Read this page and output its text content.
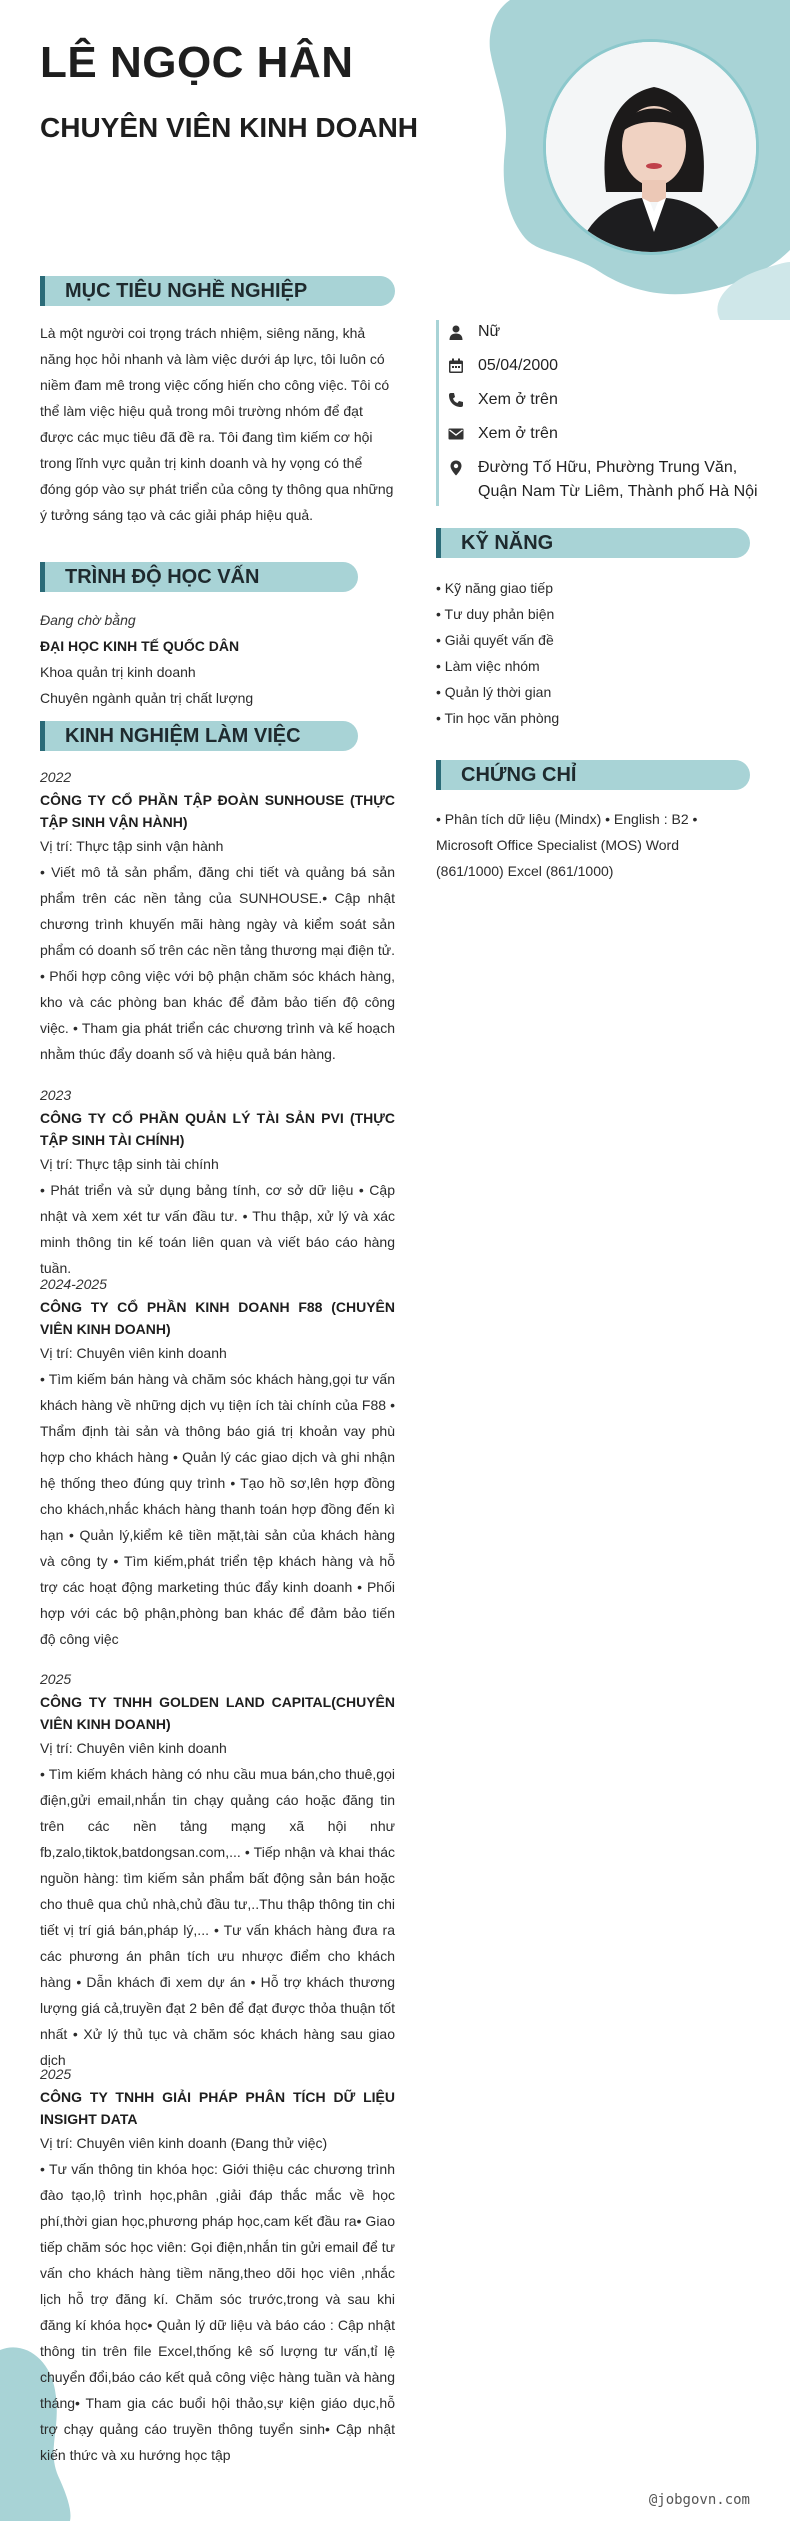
LÊ NGỌC HÂN
CHUYÊN VIÊN KINH DOANH
MỤC TIÊU NGHỀ NGHIỆP
Là một người coi trọng trách nhiệm, siêng năng, khả năng học hỏi nhanh và làm việc dưới áp lực, tôi luôn có niềm đam mê trong việc cống hiến cho công việc. Tôi có thể làm việc hiệu quả trong môi trường nhóm để đạt được các mục tiêu đã đề ra. Tôi đang tìm kiếm cơ hội trong lĩnh vực quản trị kinh doanh và hy vọng có thể đóng góp vào sự phát triển của công ty thông qua những ý tưởng sáng tạo và các giải pháp hiệu quả.
TRÌNH ĐỘ HỌC VẤN
Đang chờ bằng
ĐẠI HỌC KINH TẾ QUỐC DÂN
Khoa quản trị kinh doanh
Chuyên ngành quản trị chất lượng
KINH NGHIỆM LÀM VIỆC
2022
CÔNG TY CỔ PHẦN TẬP ĐOÀN SUNHOUSE (THỰC TẬP SINH VẬN HÀNH)
Vị trí: Thực tập sinh vận hành
• Viết mô tả sản phẩm, đăng chi tiết và quảng bá sản phẩm trên các nền tảng của SUNHOUSE.• Cập nhật chương trình khuyến mãi hàng ngày và kiểm soát sản phẩm có doanh số trên các nền tảng thương mại điện tử. • Phối hợp công việc với bộ phận chăm sóc khách hàng, kho và các phòng ban khác để đảm bảo tiến độ công việc. • Tham gia phát triển các chương trình và kế hoạch nhằm thúc đẩy doanh số và hiệu quả bán hàng.
2023
CÔNG TY CỔ PHẦN QUẢN LÝ TÀI SẢN PVI (THỰC TẬP SINH TÀI CHÍNH)
Vị trí: Thực tập sinh tài chính
• Phát triển và sử dụng bảng tính, cơ sở dữ liệu • Cập nhật và xem xét tư vấn đầu tư. • Thu thập, xử lý và xác minh thông tin kế toán liên quan và viết báo cáo hàng tuần.
2024-2025
CÔNG TY CỔ PHẦN KINH DOANH F88 (CHUYÊN VIÊN KINH DOANH)
Vị trí: Chuyên viên kinh doanh
• Tìm kiếm bán hàng và chăm sóc khách hàng,gọi tư vấn khách hàng về những dịch vụ tiện ích tài chính của F88 • Thẩm định tài sản và thông báo giá trị khoản vay phù hợp cho khách hàng • Quản lý các giao dịch và ghi nhận hệ thống theo đúng quy trình • Tạo hồ sơ,lên hợp đồng cho khách,nhắc khách hàng thanh toán hợp đồng đến kì hạn • Quản lý,kiểm kê tiền mặt,tài sản của khách hàng và công ty • Tìm kiếm,phát triển tệp khách hàng và hỗ trợ các hoạt động marketing thúc đẩy kinh doanh • Phối hợp với các bộ phận,phòng ban khác để đảm bảo tiến độ công việc
2025
CÔNG TY TNHH GOLDEN LAND CAPITAL(CHUYÊN VIÊN KINH DOANH)
Vị trí: Chuyên viên kinh doanh
• Tìm kiếm khách hàng có nhu cầu mua bán,cho thuê,gọi điện,gửi email,nhắn tin chạy quảng cáo hoặc đăng tin trên các nền tảng mạng xã hội như fb,zalo,tiktok,batdongsan.com,... • Tiếp nhận và khai thác nguồn hàng: tìm kiếm sản phẩm bất động sản bán hoặc cho thuê qua chủ nhà,chủ đầu tư,..Thu thập thông tin chi tiết vị trí giá bán,pháp lý,... • Tư vấn khách hàng đưa ra các phương án phân tích ưu nhược điểm cho khách hàng • Dẫn khách đi xem dự án • Hỗ trợ khách thương lượng giá cả,truyền đạt 2 bên để đạt được thỏa thuận tốt nhất • Xử lý thủ tục và chăm sóc khách hàng sau giao dịch
2025
CÔNG TY TNHH GIẢI PHÁP PHÂN TÍCH DỮ LIỆU INSIGHT DATA
Vị trí: Chuyên viên kinh doanh (Đang thử việc)
• Tư vấn thông tin khóa học: Giới thiệu các chương trình đào tạo,lộ trình học,phân ,giải đáp thắc mắc về học phí,thời gian học,phương pháp học,cam kết đầu ra• Giao tiếp chăm sóc học viên: Gọi điện,nhắn tin gửi email để tư vấn cho khách hàng tiềm năng,theo dõi học viên ,nhắc lịch hỗ trợ đăng kí. Chăm sóc trước,trong và sau khi đăng kí khóa học• Quản lý dữ liệu và báo cáo : Cập nhật thông tin trên file Excel,thống kê số lượng tư vấn,tỉ lệ chuyển đổi,báo cáo kết quả công việc hàng tuần và hàng tháng• Tham gia các buổi hội thảo,sự kiện giáo dục,hỗ trợ chạy quảng cáo truyền thông tuyển sinh• Cập nhật kiến thức và xu hướng học tập
Nữ
05/04/2000
Xem ở trên
Xem ở trên
Đường Tố Hữu, Phường Trung Văn, Quận Nam Từ Liêm, Thành phố Hà Nội
KỸ NĂNG
• Kỹ năng giao tiếp
• Tư duy phản biện
• Giải quyết vấn đề
• Làm việc nhóm
• Quản lý thời gian
• Tin học văn phòng
CHỨNG CHỈ
• Phân tích dữ liệu (Mindx) • English : B2 • Microsoft Office Specialist (MOS) Word (861/1000) Excel (861/1000)
@jobgovn.com
